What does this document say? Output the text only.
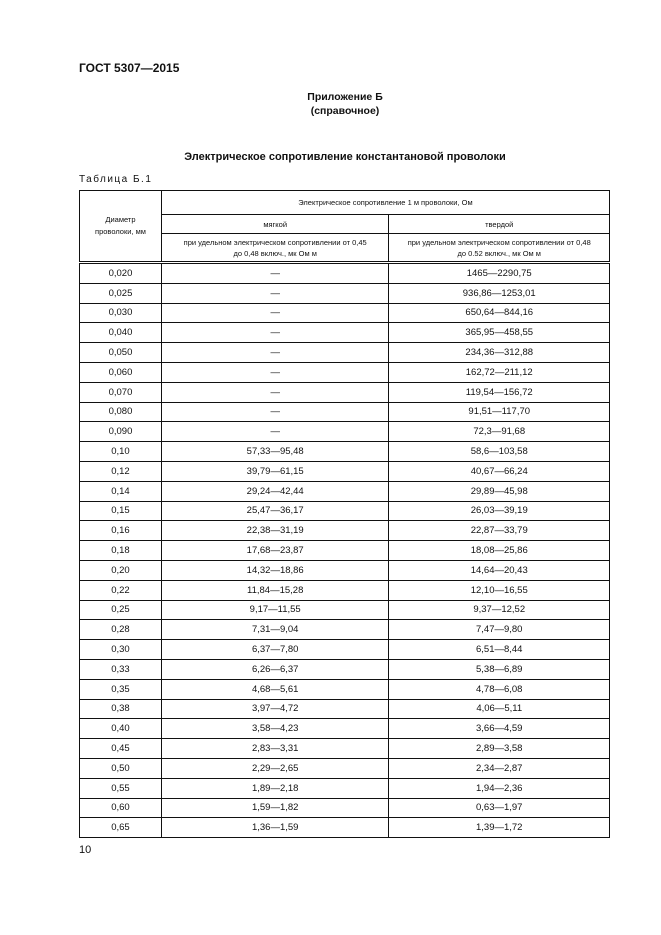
ГОСТ 5307—2015
Приложение Б
(справочное)
Электрическое сопротивление константановой проволоки
Таблица Б.1
Диаметр проволоки, мм	Электрическое сопротивление 1 м проволоки, Ом	
	мягкой	твердой
	при удельном электрическом сопротивлении от 0,45 до 0,48 включ., мк Ом м	при удельном электрическом сопротивлении от 0,48 до 0.52 включ., мк Ом м
0,020	—	1465—2290,75
0,025	—	936,86—1253,01
0,030	—	650,64—844,16
0,040	—	365,95—458,55
0,050	—	234,36—312,88
0,060	—	162,72—211,12
0,070	—	119,54—156,72
0,080	—	91,51—117,70
0,090	—	72,3—91,68
0,10	57,33—95,48	58,6—103,58
0,12	39,79—61,15	40,67—66,24
0,14	29,24—42,44	29,89—45,98
0,15	25,47—36,17	26,03—39,19
0,16	22,38—31,19	22,87—33,79
0,18	17,68—23,87	18,08—25,86
0,20	14,32—18,86	14,64—20,43
0,22	11,84—15,28	12,10—16,55
0,25	9,17—11,55	9,37—12,52
0,28	7,31—9,04	7,47—9,80
0,30	6,37—7,80	6,51—8,44
0,33	6,26—6,37	5,38—6,89
0,35	4,68—5,61	4,78—6,08
0,38	3,97—4,72	4,06—5,11
0,40	3,58—4,23	3,66—4,59
0,45	2,83—3,31	2,89—3,58
0,50	2,29—2,65	2,34—2,87
0,55	1,89—2,18	1,94—2,36
0,60	1,59—1,82	0,63—1,97
0,65	1,36—1,59	1,39—1,72
10
